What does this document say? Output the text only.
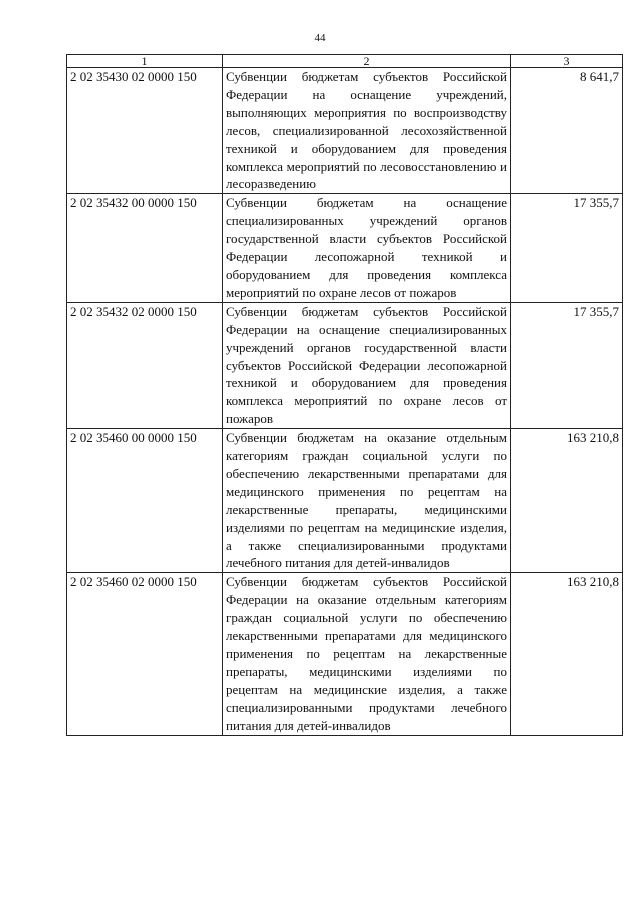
44
1	2	3
2 02 35430 02 0000 150	Субвенции бюджетам субъектов Российской Федерации на оснащение учреждений, выполняющих мероприятия по воспроизводству лесов, специализированной лесохозяйственной техникой и оборудованием для проведения комплекса мероприятий по лесовосстановлению и лесоразведению	8 641,7
2 02 35432 00 0000 150	Субвенции бюджетам на оснащение специализированных учреждений органов государственной власти субъектов Российской Федерации лесопожарной техникой и оборудованием для проведения комплекса мероприятий по охране лесов от пожаров	17 355,7
2 02 35432 02 0000 150	Субвенции бюджетам субъектов Российской Федерации на оснащение специализированных учреждений органов государственной власти субъектов Российской Федерации лесопожарной техникой и оборудованием для проведения комплекса мероприятий по охране лесов от пожаров	17 355,7
2 02 35460 00 0000 150	Субвенции бюджетам на оказание отдельным категориям граждан социальной услуги по обеспечению лекарственными препаратами для медицинского применения по рецептам на лекарственные препараты, медицинскими изделиями по рецептам на медицинские изделия, а также специализированными продуктами лечебного питания для детей-инвалидов	163 210,8
2 02 35460 02 0000 150	Субвенции бюджетам субъектов Российской Федерации на оказание отдельным категориям граждан социальной услуги по обеспечению лекарственными препаратами для медицинского применения по рецептам на лекарственные препараты, медицинскими изделиями по рецептам на медицинские изделия, а также специализированными продуктами лечебного питания для детей-инвалидов	163 210,8
